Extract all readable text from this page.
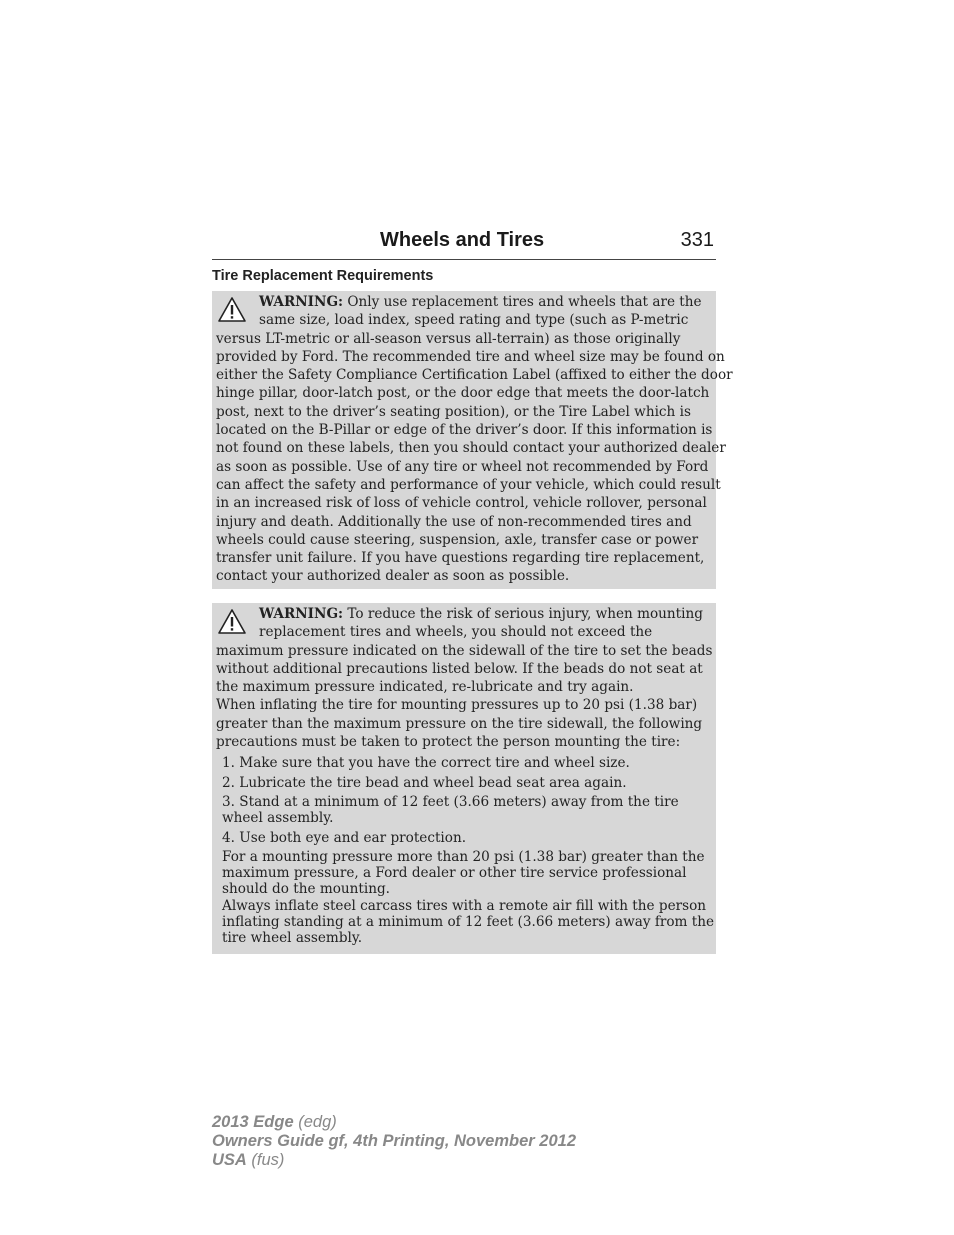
Wheels and Tires	331
Tire Replacement Requirements
WARNING: Only use replacement tires and wheels that are the
same size, load index, speed rating and type (such as P-metric
versus LT-metric or all-season versus all-terrain) as those originally
provided by Ford. The recommended tire and wheel size may be found on
either the Safety Compliance Certification Label (affixed to either the door
hinge pillar, door-latch post, or the door edge that meets the door-latch
post, next to the driver’s seating position), or the Tire Label which is
located on the B-Pillar or edge of the driver’s door. If this information is
not found on these labels, then you should contact your authorized dealer
as soon as possible. Use of any tire or wheel not recommended by Ford
can affect the safety and performance of your vehicle, which could result
in an increased risk of loss of vehicle control, vehicle rollover, personal
injury and death. Additionally the use of non-recommended tires and
wheels could cause steering, suspension, axle, transfer case or power
transfer unit failure. If you have questions regarding tire replacement,
contact your authorized dealer as soon as possible.
WARNING: To reduce the risk of serious injury, when mounting
replacement tires and wheels, you should not exceed the
maximum pressure indicated on the sidewall of the tire to set the beads
without additional precautions listed below. If the beads do not seat at
the maximum pressure indicated, re-lubricate and try again.
When inflating the tire for mounting pressures up to 20 psi (1.38 bar)
greater than the maximum pressure on the tire sidewall, the following
precautions must be taken to protect the person mounting the tire:
1. Make sure that you have the correct tire and wheel size.
2. Lubricate the tire bead and wheel bead seat area again.
3. Stand at a minimum of 12 feet (3.66 meters) away from the tire
wheel assembly.
4. Use both eye and ear protection.
For a mounting pressure more than 20 psi (1.38 bar) greater than the
maximum pressure, a Ford dealer or other tire service professional
should do the mounting.
Always inflate steel carcass tires with a remote air fill with the person
inflating standing at a minimum of 12 feet (3.66 meters) away from the
tire wheel assembly.
2013 Edge (edg)
Owners Guide gf, 4th Printing, November 2012
USA (fus)
